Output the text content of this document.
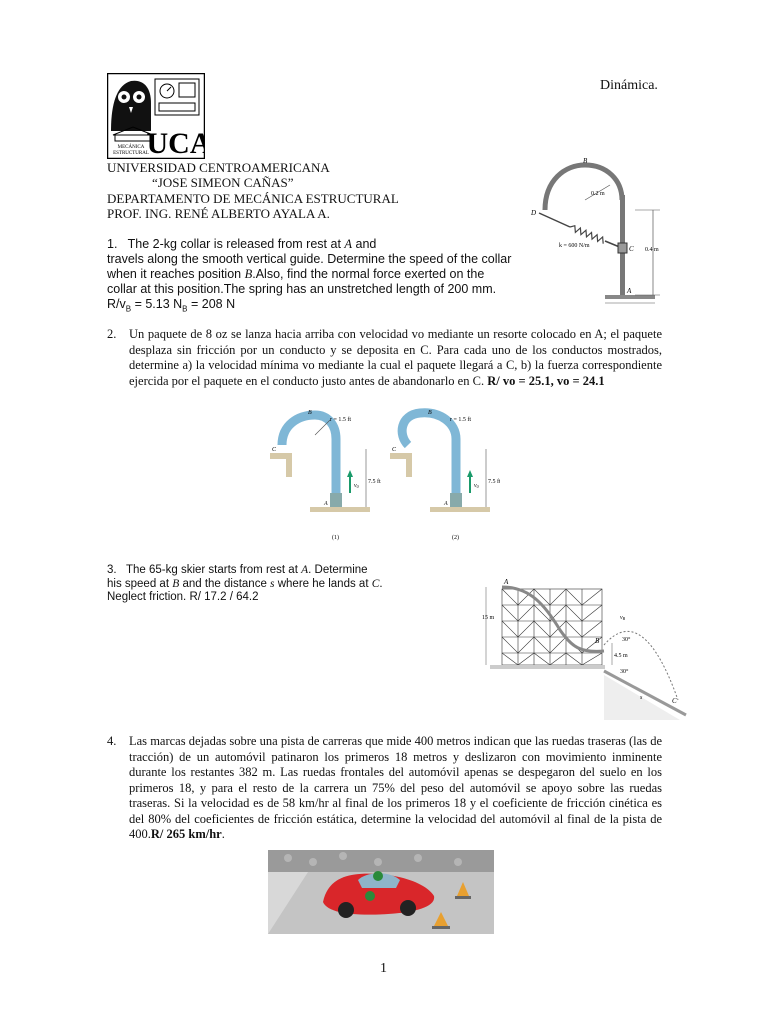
MECÁNICA
ESTRUCTURAL
UCA
Dinámica.
UNIVERSIDAD CENTROAMERICANA
“JOSE SIMEON CAÑAS”
DEPARTAMENTO DE MECÁNICA ESTRUCTURAL
PROF. ING. RENÉ ALBERTO AYALA A.
1. The 2-kg collar is released from rest at A and
travels along the smooth vertical guide. Determine the speed of the collar
when it reaches position B.Also, find the normal force exerted on the
collar at this position.The spring has an unstretched length of 200 mm.
$R/v_B = 5.13$ $N_B = 208$ N
B
D
C
A
0.2 m
k = 600 N/m
0.4 m
2. Un paquete de 8 oz se lanza hacia arriba con velocidad vo mediante un resorte colocado en A; el paquete desplaza sin fricción por un conducto y se deposita en C. Para cada uno de los conductos mostrados, determine a) la velocidad mínima vo mediante la cual el paquete llegará a C, b) la fuerza correspondiente ejercida por el paquete en el conducto justo antes de abandonarlo en C. R/ vo = 25.1, vo = 24.1
B
r = 1.5 ft
C
7.5 ft
A
v0
(1)
B
r = 1.5 ft
C
7.5 ft
A
v0
(2)
3. The 65-kg skier starts from rest at A. Determine
his speed at B and the distance s where he lands at C.
Neglect friction. R/ 17.2 / 64.2
A
15 m
B
vB
30°
4.5 m
30°
s	C
4. Las marcas dejadas sobre una pista de carreras que mide 400 metros indican que las ruedas traseras (las de tracción) de un automóvil patinaron los primeros 18 metros y deslizaron con movimiento inminente durante los restantes 382 m. Las ruedas frontales del automóvil apenas se despegaron del suelo en los primeros 18, y para el resto de la carrera un 75% del peso del automóvil se apoyo sobre las ruedas traseras. Si la velocidad es de 58 km/hr al final de los primeros 18 y el coeficiente de fricción cinética es del 80% del coeficientes de fricción estática, determine la velocidad del automóvil al final de la pista de 400.R/ 265 km/hr.
1
